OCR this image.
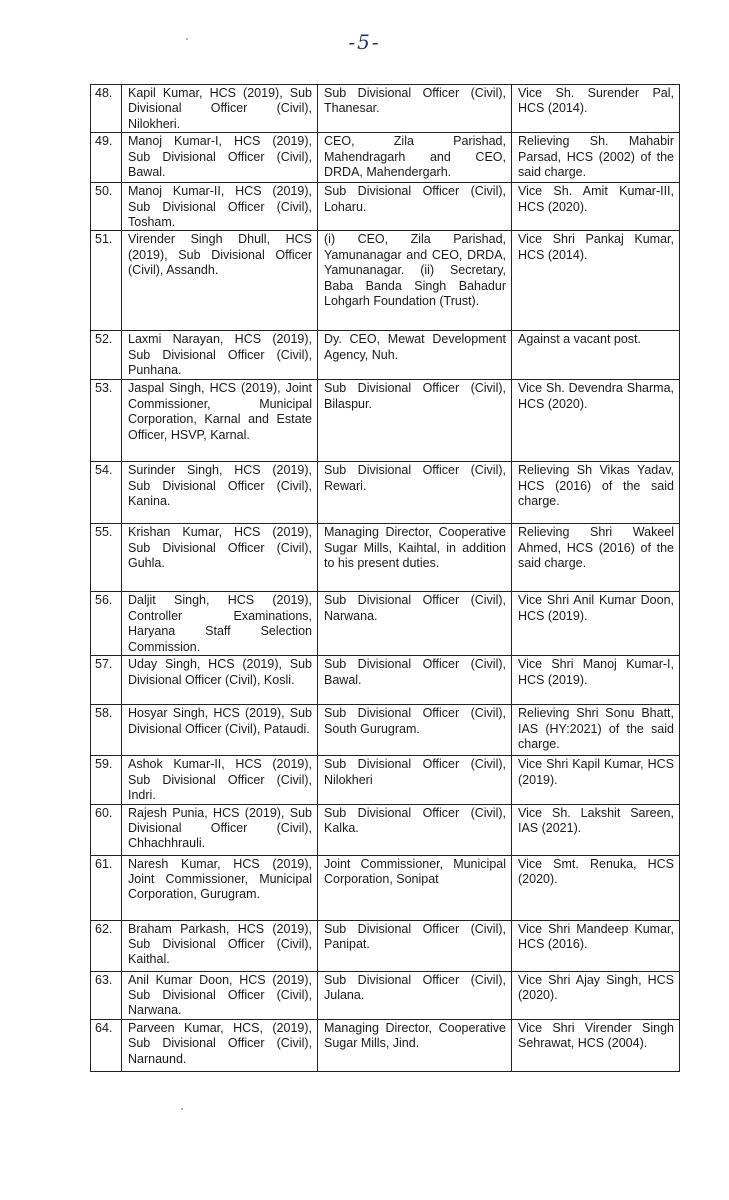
-5-
48.	Kapil Kumar, HCS (2019), Sub Divisional Officer (Civil), Nilokheri.	Sub Divisional Officer (Civil), Thanesar.	Vice Sh. Surender Pal, HCS (2014).
49.	Manoj Kumar-I, HCS (2019), Sub Divisional Officer (Civil), Bawal.	CEO, Zila Parishad, Mahendragarh and CEO, DRDA, Mahendergarh.	Relieving Sh. Mahabir Parsad, HCS (2002) of the said charge.
50.	Manoj Kumar-II, HCS (2019), Sub Divisional Officer (Civil), Tosham.	Sub Divisional Officer (Civil), Loharu.	Vice Sh. Amit Kumar-III, HCS (2020).
51.	Virender Singh Dhull, HCS (2019), Sub Divisional Officer (Civil), Assandh.	(i) CEO, Zila Parishad, Yamunanagar and CEO, DRDA, Yamunanagar. (ii) Secretary, Baba Banda Singh Bahadur Lohgarh Foundation (Trust).	Vice Shri Pankaj Kumar, HCS (2014).
52.	Laxmi Narayan, HCS (2019), Sub Divisional Officer (Civil), Punhana.	Dy. CEO, Mewat Development Agency, Nuh.	Against a vacant post.
53.	Jaspal Singh, HCS (2019), Joint Commissioner, Municipal Corporation, Karnal and Estate Officer, HSVP, Karnal.	Sub Divisional Officer (Civil), Bilaspur.	Vice Sh. Devendra Sharma, HCS (2020).
54.	Surinder Singh, HCS (2019), Sub Divisional Officer (Civil), Kanina.	Sub Divisional Officer (Civil), Rewari.	Relieving Sh Vikas Yadav, HCS (2016) of the said charge.
55.	Krishan Kumar, HCS (2019), Sub Divisional Officer (Civil), Guhla.	Managing Director, Cooperative Sugar Mills, Kaihtal, in addition to his present duties.	Relieving Shri Wakeel Ahmed, HCS (2016) of the said charge.
56.	Daljit Singh, HCS (2019), Controller Examinations, Haryana Staff Selection Commission.	Sub Divisional Officer (Civil), Narwana.	Vice Shri Anil Kumar Doon, HCS (2019).
57.	Uday Singh, HCS (2019), Sub Divisional Officer (Civil), Kosli.	Sub Divisional Officer (Civil), Bawal.	Vice Shri Manoj Kumar-I, HCS (2019).
58.	Hosyar Singh, HCS (2019), Sub Divisional Officer (Civil), Pataudi.	Sub Divisional Officer (Civil), South Gurugram.	Relieving Shri Sonu Bhatt, IAS (HY:2021) of the said charge.
59.	Ashok Kumar-II, HCS (2019), Sub Divisional Officer (Civil), Indri.	Sub Divisional Officer (Civil), Nilokheri	Vice Shri Kapil Kumar, HCS (2019).
60.	Rajesh Punia, HCS (2019), Sub Divisional Officer (Civil), Chhachhrauli.	Sub Divisional Officer (Civil), Kalka.	Vice Sh. Lakshit Sareen, IAS (2021).
61.	Naresh Kumar, HCS (2019), Joint Commissioner, Municipal Corporation, Gurugram.	Joint Commissioner, Municipal Corporation, Sonipat	Vice Smt. Renuka, HCS (2020).
62.	Braham Parkash, HCS (2019), Sub Divisional Officer (Civil), Kaithal.	Sub Divisional Officer (Civil), Panipat.	Vice Shri Mandeep Kumar, HCS (2016).
63.	Anil Kumar Doon, HCS (2019), Sub Divisional Officer (Civil), Narwana.	Sub Divisional Officer (Civil), Julana.	Vice Shri Ajay Singh, HCS (2020).
64.	Parveen Kumar, HCS, (2019), Sub Divisional Officer (Civil), Narnaund.	Managing Director, Cooperative Sugar Mills, Jind.	Vice Shri Virender Singh Sehrawat, HCS (2004).
